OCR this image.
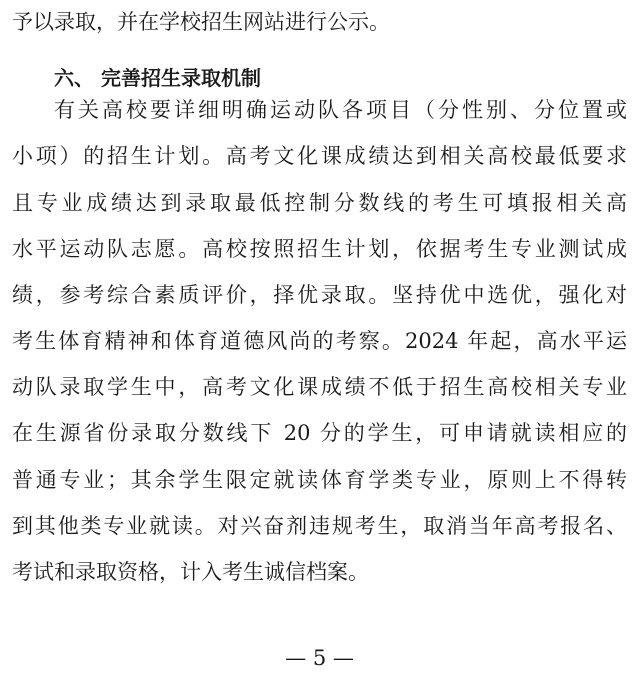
予以录取，并在学校招生网站进行公示。
六、 完善招生录取机制
有关高校要详细明确运动队各项目（分性别、分位置或
小项）的招生计划。高考文化课成绩达到相关高校最低要求
且专业成绩达到录取最低控制分数线的考生可填报相关高
水平运动队志愿。高校按照招生计划，依据考生专业测试成
绩，参考综合素质评价，择优录取。坚持优中选优，强化对
考生体育精神和体育道德风尚的考察。2024 年起，高水平运
动队录取学生中，高考文化课成绩不低于招生高校相关专业
在生源省份录取分数线下 20 分的学生，可申请就读相应的
普通专业；其余学生限定就读体育学类专业，原则上不得转
到其他类专业就读。对兴奋剂违规考生，取消当年高考报名、
考试和录取资格，计入考生诚信档案。
— 5 —
